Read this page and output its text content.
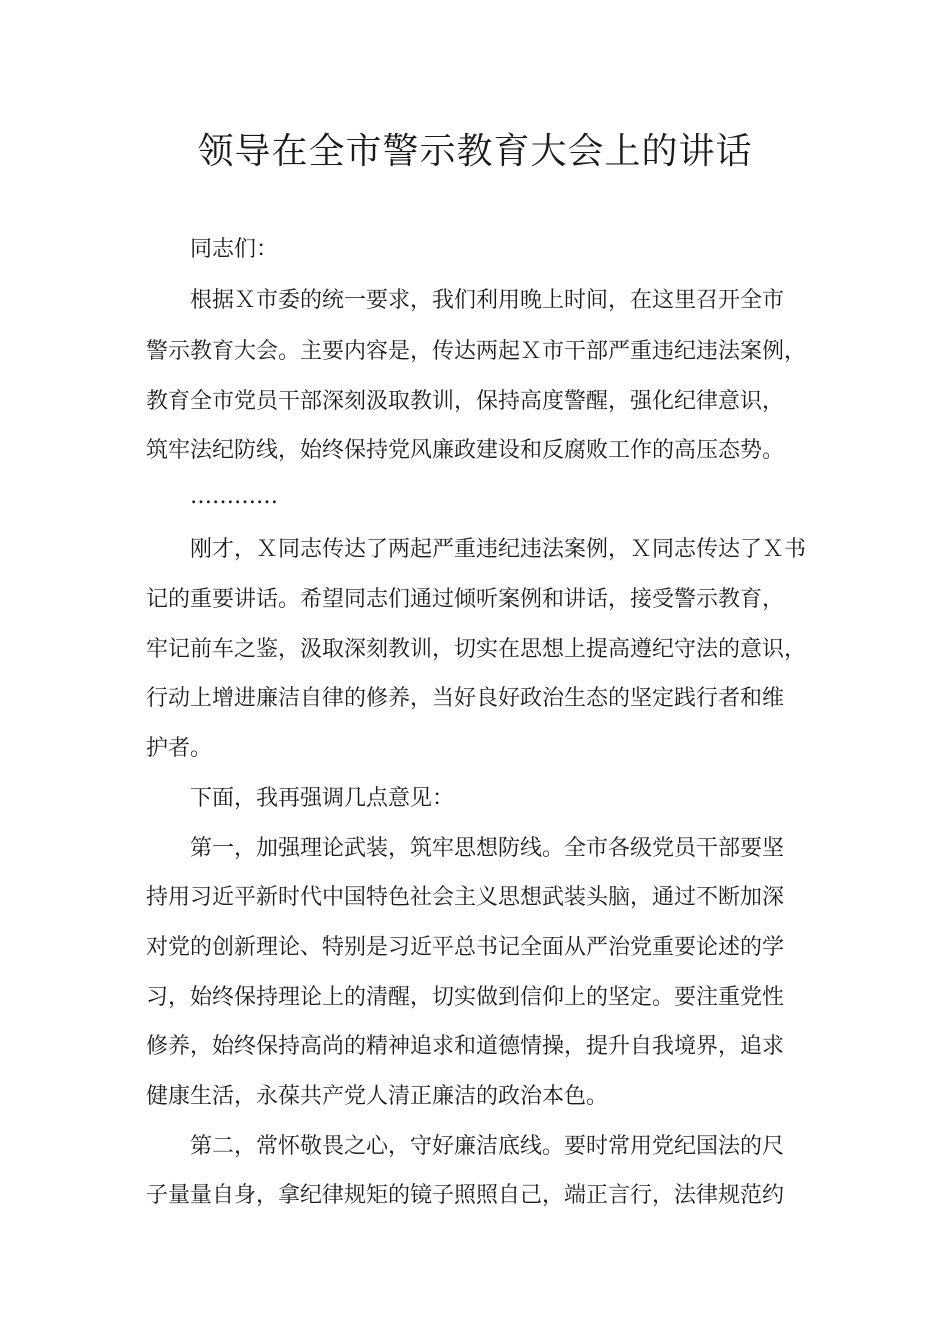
领导在全市警示教育大会上的讲话
同志们：
根据Ｘ市委的统一要求，我们利用晚上时间，在这里召开全市
警示教育大会。主要内容是，传达两起Ｘ市干部严重违纪违法案例，
教育全市党员干部深刻汲取教训，保持高度警醒，强化纪律意识，
筑牢法纪防线，始终保持党风廉政建设和反腐败工作的高压态势。
…………
刚才，Ｘ同志传达了两起严重违纪违法案例，Ｘ同志传达了Ｘ书
记的重要讲话。希望同志们通过倾听案例和讲话，接受警示教育，
牢记前车之鉴，汲取深刻教训，切实在思想上提高遵纪守法的意识，
行动上增进廉洁自律的修养，当好良好政治生态的坚定践行者和维
护者。
下面，我再强调几点意见：
第一，加强理论武装，筑牢思想防线。全市各级党员干部要坚
持用习近平新时代中国特色社会主义思想武装头脑，通过不断加深
对党的创新理论、特别是习近平总书记全面从严治党重要论述的学
习，始终保持理论上的清醒，切实做到信仰上的坚定。要注重党性
修养，始终保持高尚的精神追求和道德情操，提升自我境界，追求
健康生活，永葆共产党人清正廉洁的政治本色。
第二，常怀敬畏之心，守好廉洁底线。要时常用党纪国法的尺
子量量自身，拿纪律规矩的镜子照照自己，端正言行，法律规范约
